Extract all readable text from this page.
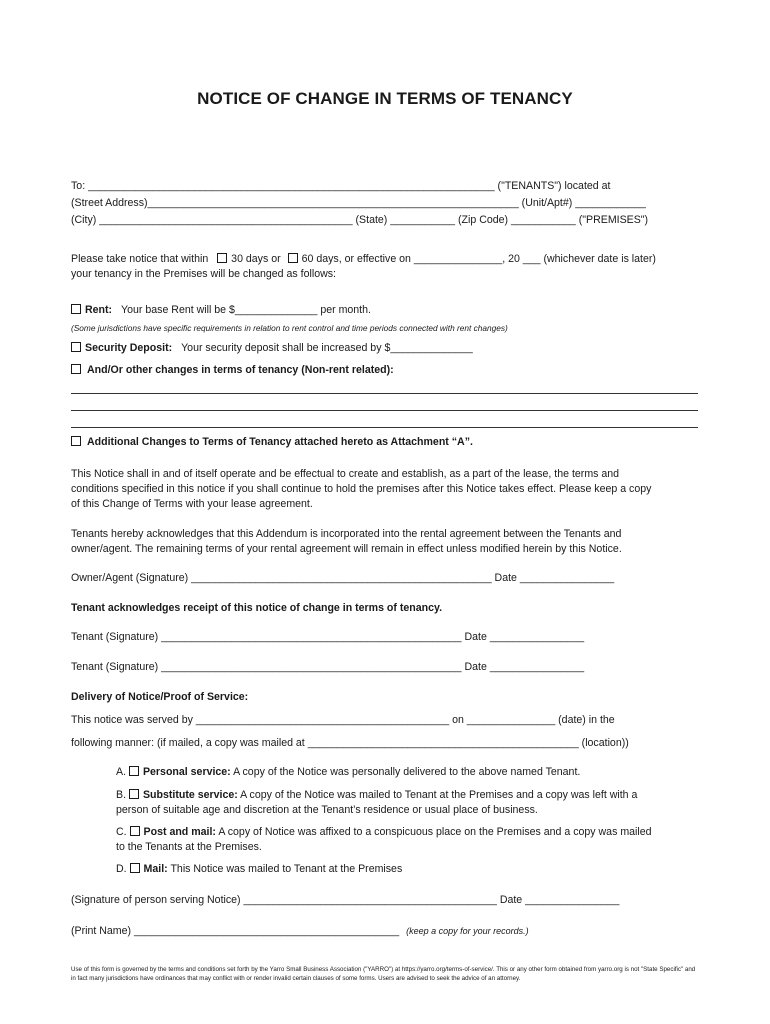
NOTICE OF CHANGE IN TERMS OF TENANCY
To: _____________________________________________________________________ ("TENANTS") located at
(Street Address)_______________________________________________________________ (Unit/Apt#) ____________
(City) ___________________________________________ (State) ___________ (Zip Code) ___________ ("PREMISES")
Please take notice that within 30 days or 60 days, or effective on _______________, 20 ___ (whichever date is later)
your tenancy in the Premises will be changed as follows:
Rent: Your base Rent will be $______________ per month.
(Some jurisdictions have specific requirements in relation to rent control and time periods connected with rent changes)
Security Deposit: Your security deposit shall be increased by $______________
And/Or other changes in terms of tenancy (Non-rent related):
Additional Changes to Terms of Tenancy attached hereto as Attachment “A”.
This Notice shall in and of itself operate and be effectual to create and establish, as a part of the lease, the terms and
conditions specified in this notice if you shall continue to hold the premises after this Notice takes effect. Please keep a copy
of this Change of Terms with your lease agreement.
Tenants hereby acknowledges that this Addendum is incorporated into the rental agreement between the Tenants and
owner/agent. The remaining terms of your rental agreement will remain in effect unless modified herein by this Notice.
Owner/Agent (Signature) ___________________________________________________ Date ________________
Tenant acknowledges receipt of this notice of change in terms of tenancy.
Tenant (Signature) ___________________________________________________ Date ________________
Tenant (Signature) ___________________________________________________ Date ________________
Delivery of Notice/Proof of Service:
This notice was served by ___________________________________________ on _______________ (date) in the
following manner: (if mailed, a copy was mailed at ______________________________________________ (location))
A. Personal service: A copy of the Notice was personally delivered to the above named Tenant.
B. Substitute service: A copy of the Notice was mailed to Tenant at the Premises and a copy was left with a
person of suitable age and discretion at the Tenant’s residence or usual place of business.
C. Post and mail: A copy of Notice was affixed to a conspicuous place on the Premises and a copy was mailed
to the Tenants at the Premises.
D. Mail: This Notice was mailed to Tenant at the Premises
(Signature of person serving Notice) ___________________________________________ Date ________________
(Print Name) _____________________________________________ (keep a copy for your records.)
Use of this form is governed by the terms and conditions set forth by the Yarro Small Business Association ("YARRO") at https://yarro.org/terms-of-service/. This or any other form obtained from yarro.org is not "State Specific" and in fact many jurisdictions have ordinances that may conflict with or render invalid certain clauses of some forms. Users are advised to seek the advice of an attorney.
